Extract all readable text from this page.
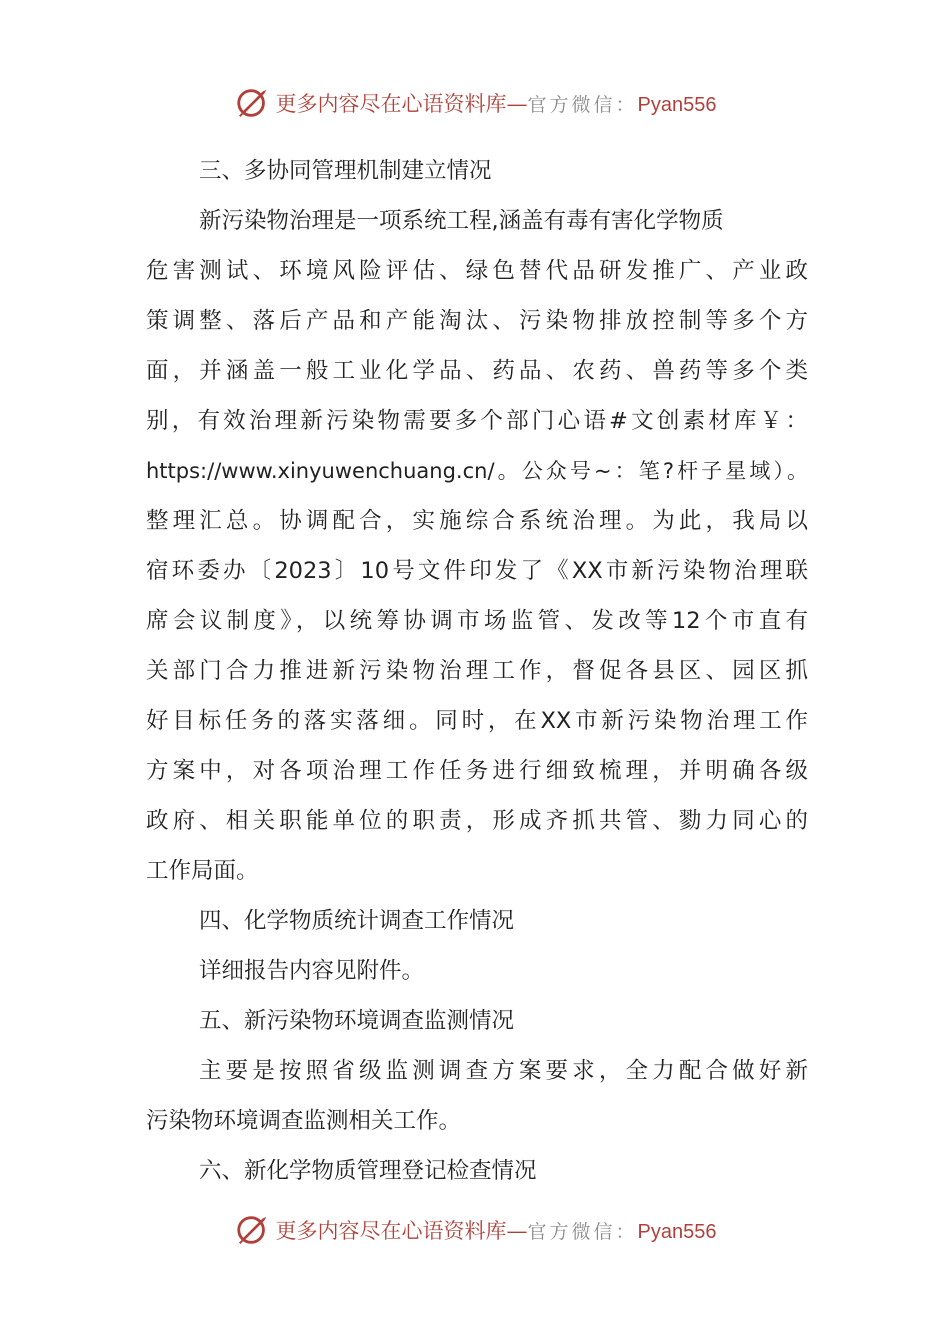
更多内容尽在心语资料库—官方微信：Pyan556
三、多协同管理机制建立情况
新污染物治理是一项系统工程,涵盖有毒有害化学物质
危害测试、环境风险评估、绿色替代品研发推广、产业政
策调整、落后产品和产能淘汰、污染物排放控制等多个方
面，并涵盖一般工业化学品、药品、农药、兽药等多个类
别，有效治理新污染物需要多个部门心语#文创素材库￥：
https://www.xinyuwenchuang.cn/。公众号~：笔?杆子星域）。
整理汇总。协调配合，实施综合系统治理。为此，我局以
宿环委办〔2023〕10号文件印发了《XX市新污染物治理联
席会议制度》，以统筹协调市场监管、发改等12个市直有
关部门合力推进新污染物治理工作，督促各县区、园区抓
好目标任务的落实落细。同时，在XX市新污染物治理工作
方案中，对各项治理工作任务进行细致梳理，并明确各级
政府、相关职能单位的职责，形成齐抓共管、勠力同心的
工作局面。
四、化学物质统计调查工作情况
详细报告内容见附件。
五、新污染物环境调查监测情况
主要是按照省级监测调查方案要求，全力配合做好新
污染物环境调查监测相关工作。
六、新化学物质管理登记检查情况
更多内容尽在心语资料库—官方微信：Pyan556
